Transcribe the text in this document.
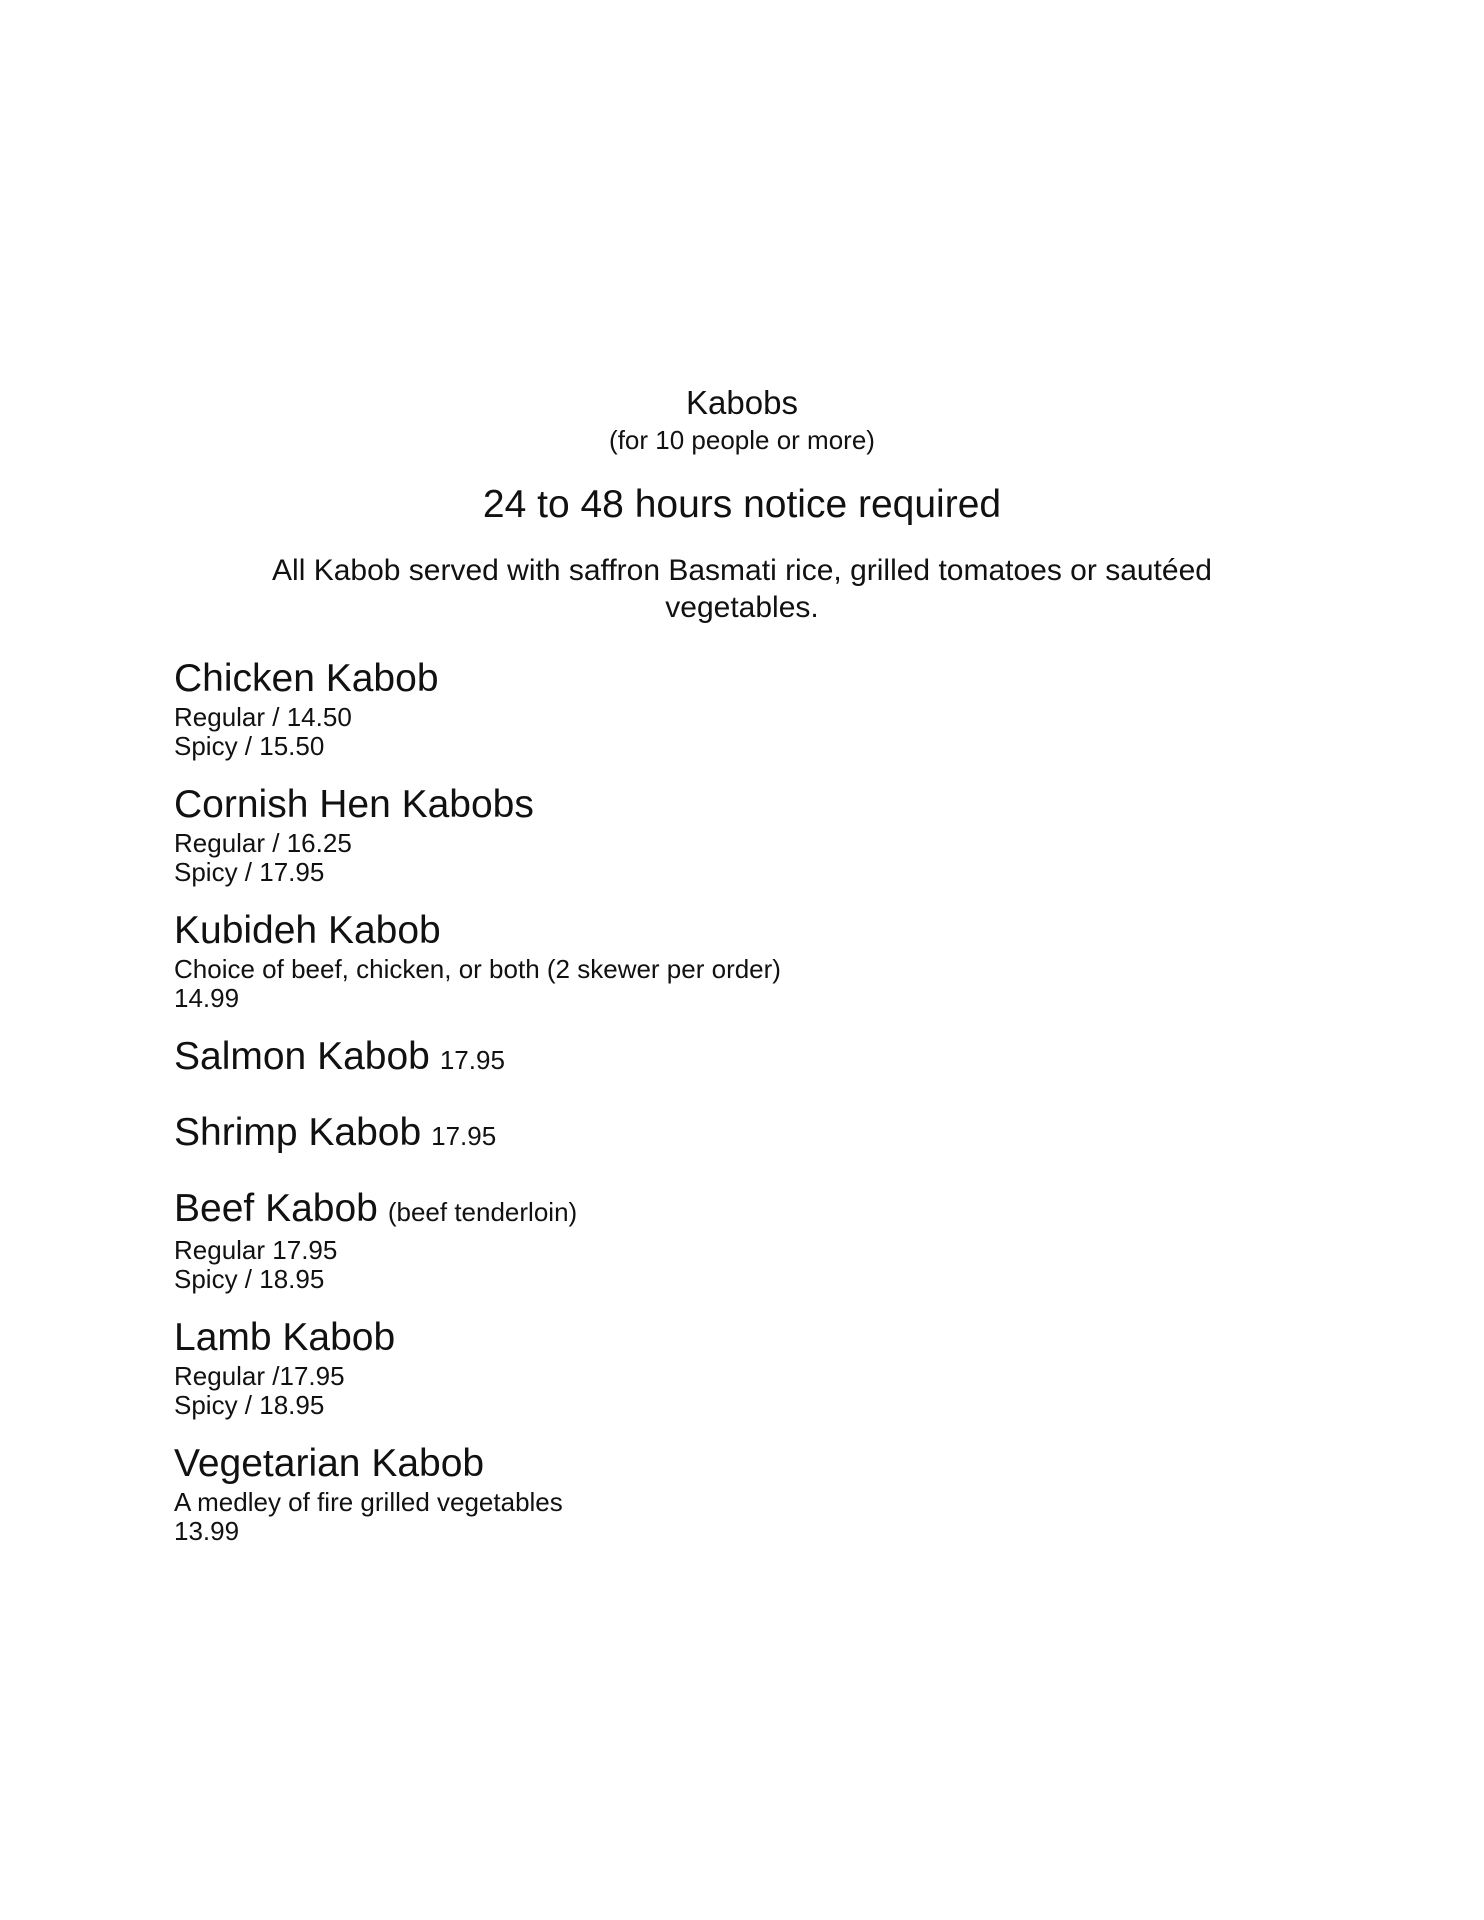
Kabobs
(for 10 people or more)
24 to 48 hours notice required
All Kabob served with saffron Basmati rice, grilled tomatoes or sautéed vegetables.
Chicken Kabob
Regular / 14.50
Spicy / 15.50
Cornish Hen Kabobs
Regular / 16.25
Spicy / 17.95
Kubideh Kabob
Choice of beef, chicken, or both (2 skewer per order)
14.99
Salmon Kabob 17.95
Shrimp Kabob 17.95
Beef Kabob (beef tenderloin)
Regular 17.95
Spicy / 18.95
Lamb Kabob
Regular /17.95
Spicy / 18.95
Vegetarian Kabob
A medley of fire grilled vegetables
13.99
